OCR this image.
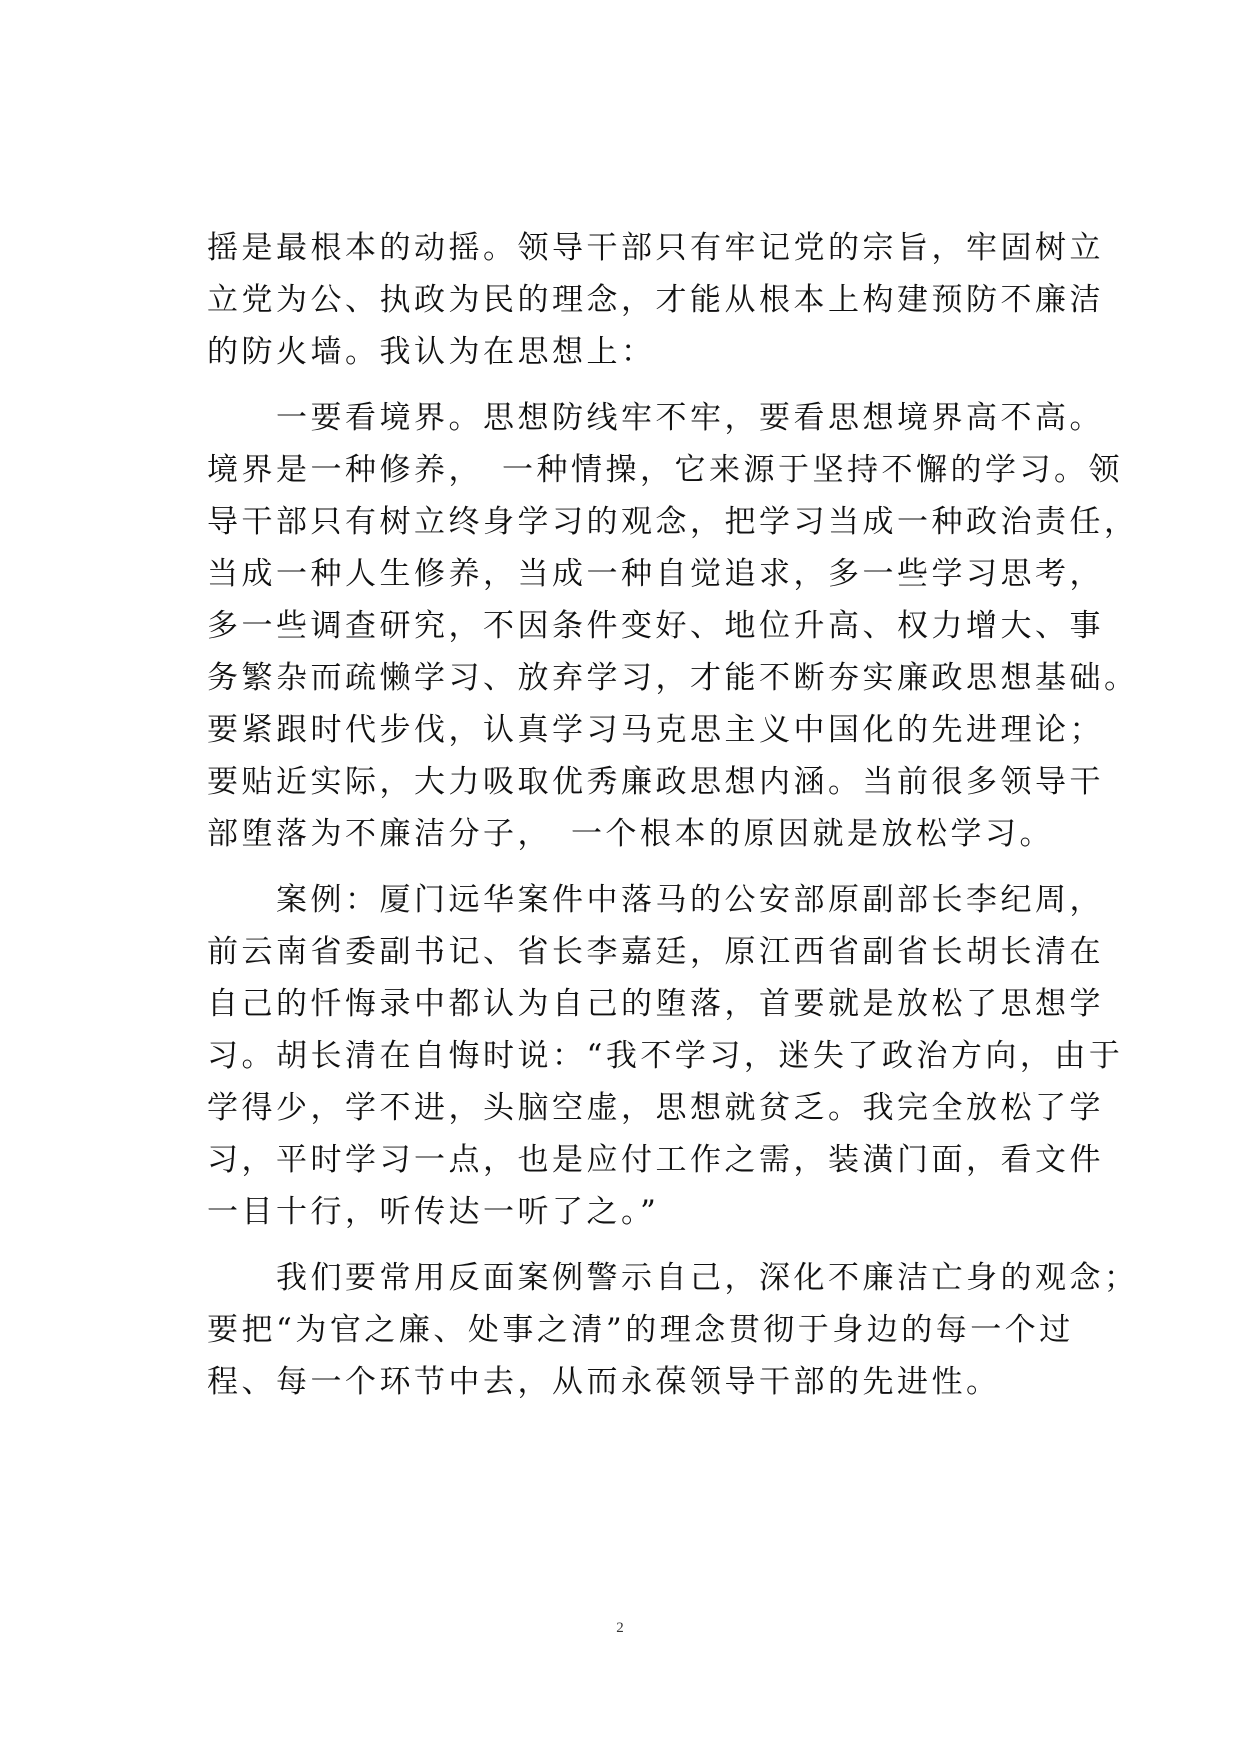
摇是最根本的动摇。领导干部只有牢记党的宗旨，牢固树立
立党为公、执政为民的理念，才能从根本上构建预防不廉洁
的防火墙。我认为在思想上：
　　一要看境界。思想防线牢不牢，要看思想境界高不高。
境界是一种修养，　一种情操，它来源于坚持不懈的学习。领
导干部只有树立终身学习的观念，把学习当成一种政治责任，
当成一种人生修养，当成一种自觉追求，多一些学习思考，
多一些调查研究，不因条件变好、地位升高、权力增大、事
务繁杂而疏懒学习、放弃学习，才能不断夯实廉政思想基础。
要紧跟时代步伐，认真学习马克思主义中国化的先进理论；
要贴近实际，大力吸取优秀廉政思想内涵。当前很多领导干
部堕落为不廉洁分子，　一个根本的原因就是放松学习。
　　案例：厦门远华案件中落马的公安部原副部长李纪周，
前云南省委副书记、省长李嘉廷，原江西省副省长胡长清在
自己的忏悔录中都认为自己的堕落，首要就是放松了思想学
习。胡长清在自悔时说：“我不学习，迷失了政治方向，由于
学得少，学不进，头脑空虚，思想就贫乏。我完全放松了学
习，平时学习一点，也是应付工作之需，装潢门面，看文件
一目十行，听传达一听了之。”
　　我们要常用反面案例警示自己，深化不廉洁亡身的观念；
要把“为官之廉、处事之清”的理念贯彻于身边的每一个过
程、每一个环节中去，从而永葆领导干部的先进性。
2
